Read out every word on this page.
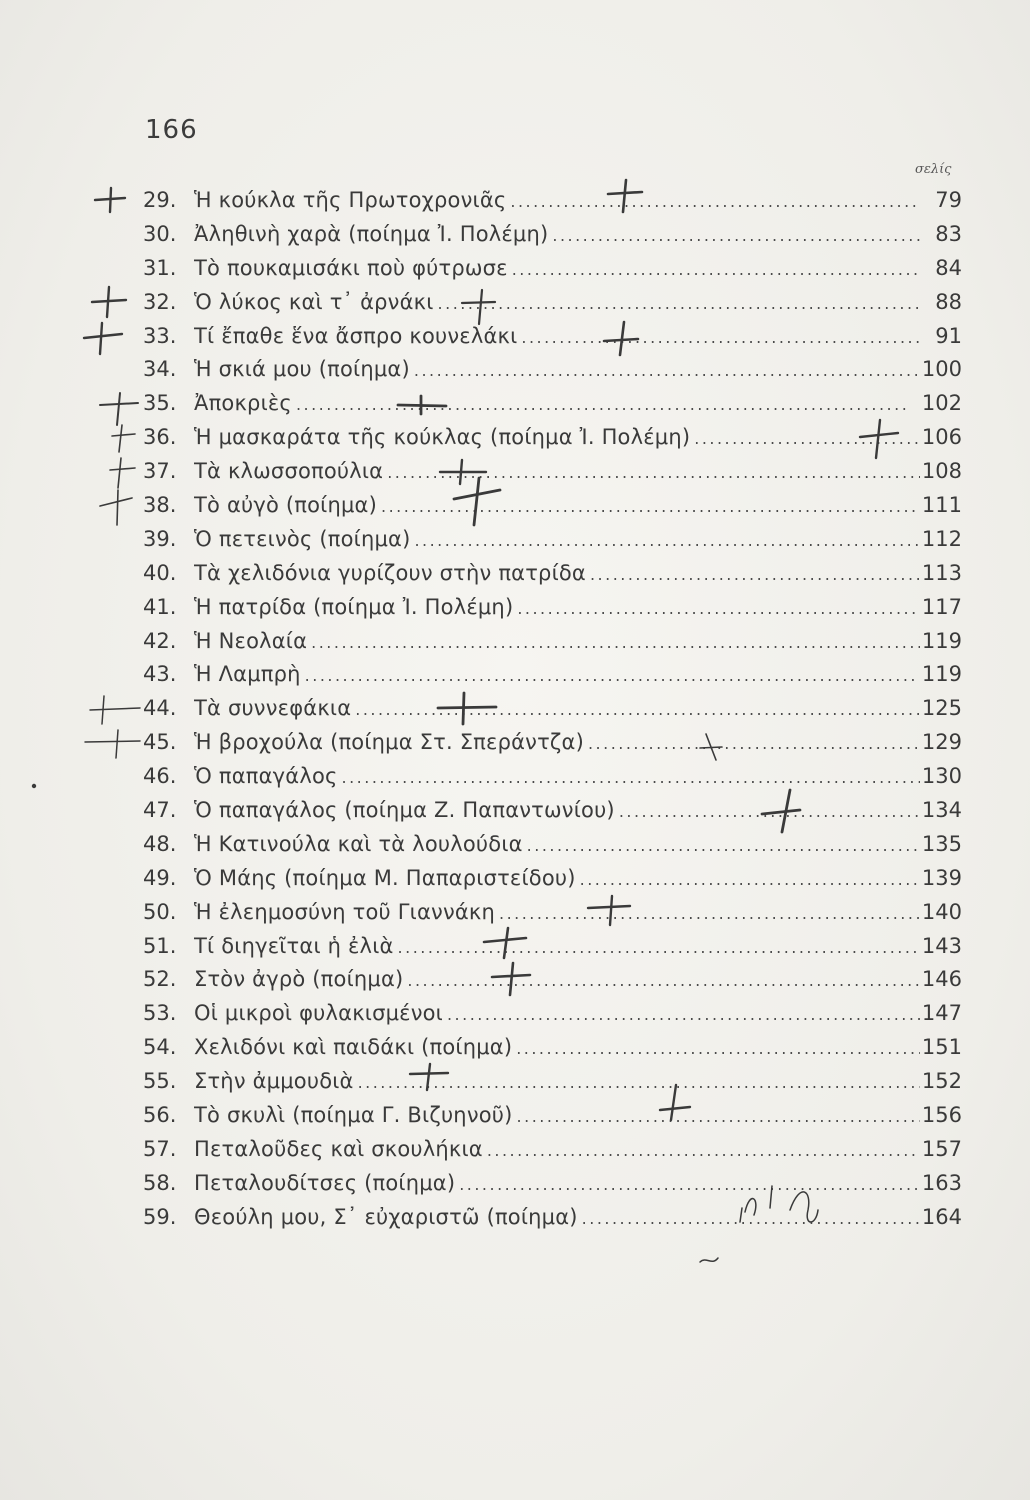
166
σελίς
29. Ἡ κούκλα τῆς Πρωτοχρονιᾶς . . .	79
30. Ἀληθινὴ χαρὰ (ποίημα Ἰ. Πολέμη) . . .	83
31. Τὸ πουκαμισάκι ποὺ φύτρωσε . . .	84
32. Ὁ λύκος καὶ τ᾽ ἀρνάκι . . .	88
33. Τί ἔπαθε ἕνα ἄσπρο κουνελάκι . . .	91
34. Ἡ σκιά μου (ποίημα) . . .	100
35. Ἀποκριὲς . . .	102
36. Ἡ μασκαράτα τῆς κούκλας (ποίημα Ἰ. Πολέμη) . . .	106
37. Τὰ κλωσσοπούλια . . .	108
38. Τὸ αὐγὸ (ποίημα) . . .	111
39. Ὁ πετεινὸς (ποίημα) . . .	112
40. Τὰ χελιδόνια γυρίζουν στὴν πατρίδα . . .	113
41. Ἡ πατρίδα (ποίημα Ἰ. Πολέμη) . . .	117
42. Ἡ Νεολαία . . .	119
43. Ἡ Λαμπρὴ . . .	119
44. Τὰ συννεφάκια . . .	125
45. Ἡ βροχούλα (ποίημα Στ. Σπεράντζα) . . .	129
46. Ὁ παπαγάλος . . .	130
47. Ὁ παπαγάλος (ποίημα Ζ. Παπαντωνίου) . . .	134
48. Ἡ Κατινούλα καὶ τὰ λουλούδια . . .	135
49. Ὁ Μάης (ποίημα Μ. Παπαριστείδου) . . .	139
50. Ἡ ἐλεημοσύνη τοῦ Γιαννάκη . . .	140
51. Τί διηγεῖται ἡ ἐλιὰ . . .	143
52. Στὸν ἀγρὸ (ποίημα) . . .	146
53. Οἱ μικροὶ φυλακισμένοι . . .	147
54. Χελιδόνι καὶ παιδάκι (ποίημα) . . .	151
55. Στὴν ἀμμουδιὰ . . .	152
56. Τὸ σκυλὶ (ποίημα Γ. Βιζυηνοῦ) . . .	156
57. Πεταλοῦδες καὶ σκουλήκια . . .	157
58. Πεταλουδίτσες (ποίημα) . . .	163
59. Θεούλη μου, Σ᾽ εὐχαριστῶ (ποίημα) . . .	164
